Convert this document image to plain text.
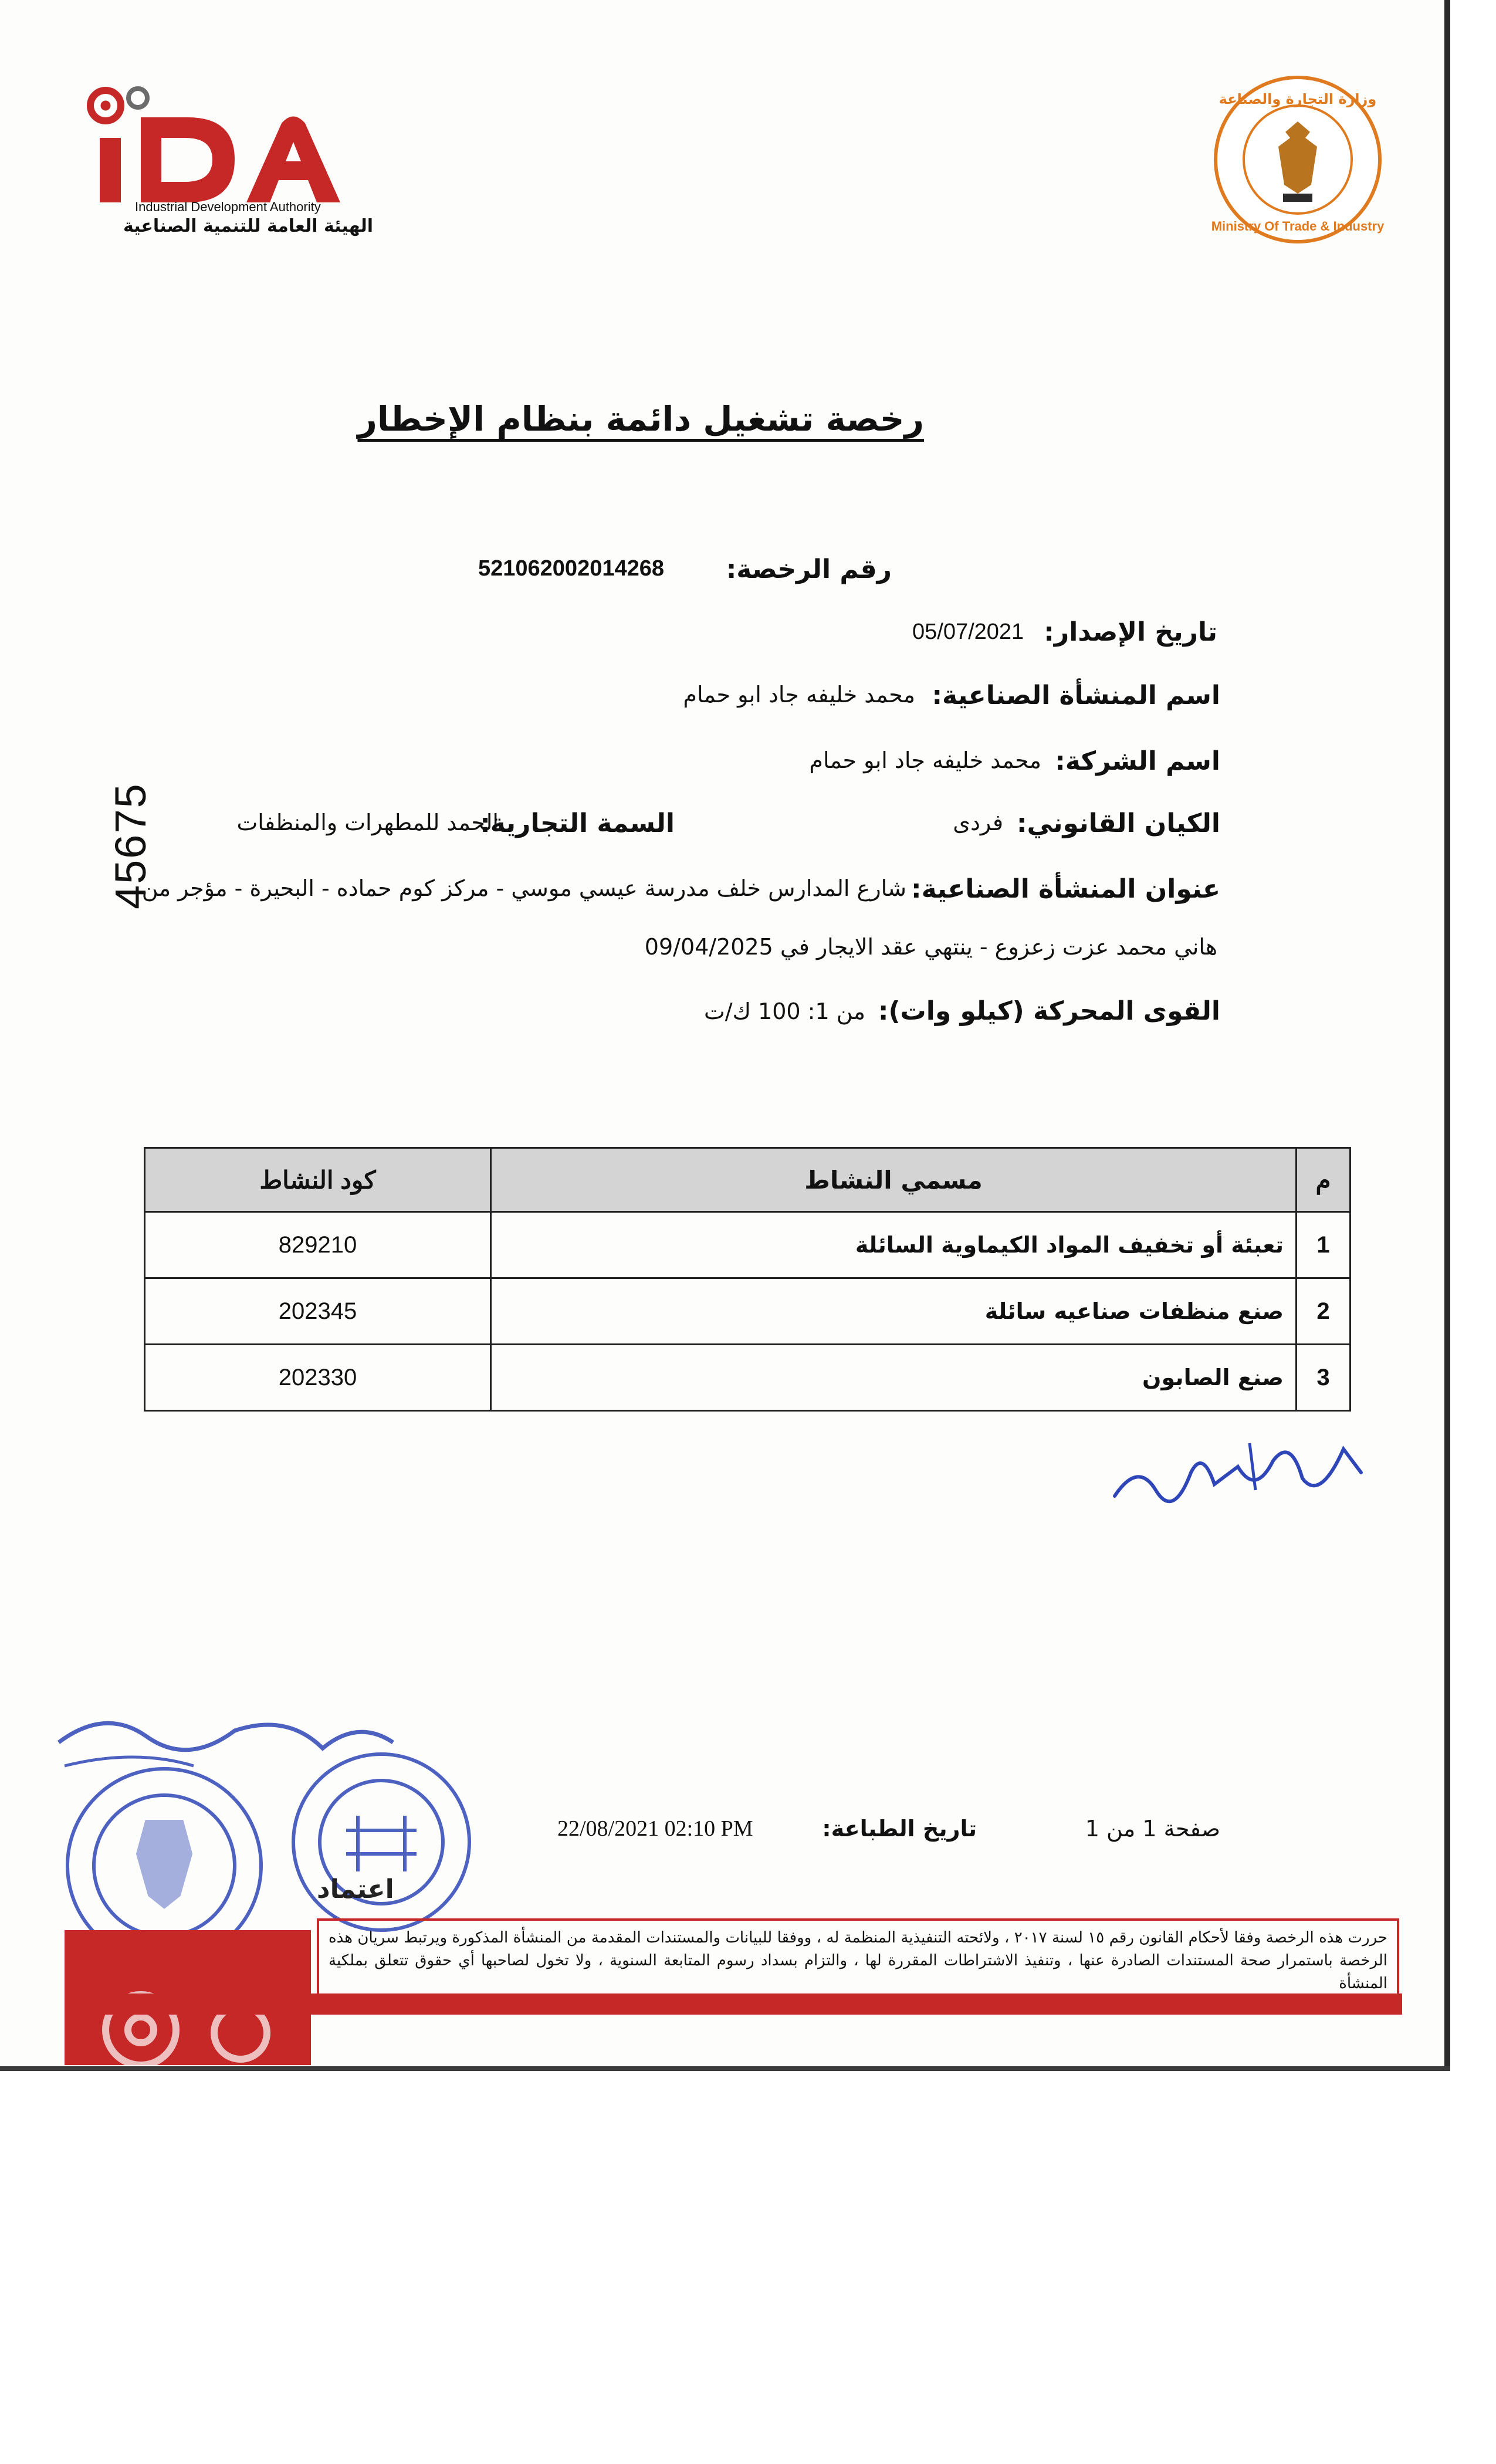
Industrial Development Authority
الهيئة العامة للتنمية الصناعية
وزارة التجارة والصناعة
Ministry Of Trade & Industry
رخصة تشغيل دائمة بنظام الإخطار
رقم الرخصة:
521062002014268
تاريخ الإصدار:
05/07/2021
اسم المنشأة الصناعية:
محمد خليفه جاد ابو حمام
اسم الشركة:
محمد خليفه جاد ابو حمام
الكيان القانوني:
فردى
السمة التجارية:
الحمد للمطهرات والمنظفات
عنوان المنشأة الصناعية:
شارع المدارس خلف مدرسة عيسي موسي - مركز كوم حماده - البحيرة - مؤجر من
هاني محمد عزت زعزوع - ينتهي عقد الايجار في 09/04/2025
القوى المحركة (كيلو وات):
من 1: 100 ك/ت
45675
م	مسمي النشاط	كود النشاط
1	تعبئة أو تخفيف المواد الكيماوية السائلة	829210
2	صنع منظفات صناعيه سائلة	202345
3	صنع الصابون	202330
اعتماد
صفحة 1 من 1
تاريخ الطباعة:
22/08/2021 02:10 PM
حررت هذه الرخصة وفقا لأحكام القانون رقم ١٥ لسنة ٢٠١٧ ، ولائحته التنفيذية المنظمة له ، ووفقا للبيانات والمستندات المقدمة من المنشأة المذكورة ويرتبط سريان هذه الرخصة باستمرار صحة المستندات الصادرة عنها ، وتنفيذ الاشتراطات المقررة لها ، والتزام بسداد رسوم المتابعة السنوية ، ولا تخول لصاحبها أي حقوق تتعلق بملكية المنشأة
